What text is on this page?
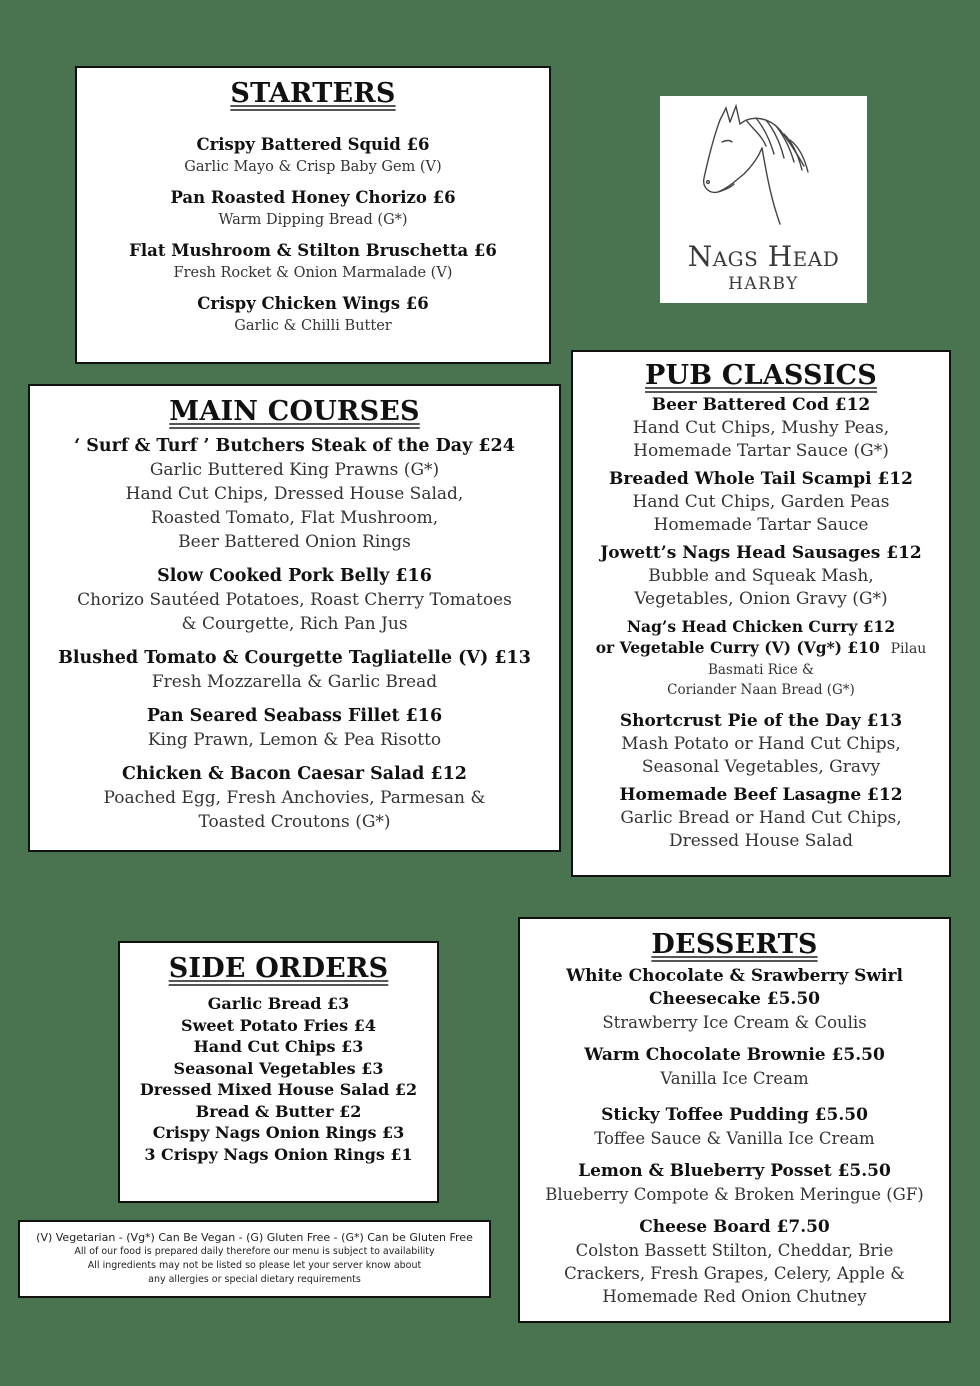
STARTERS
Crispy Battered Squid £6
Garlic Mayo & Crisp Baby Gem (V)
Pan Roasted Honey Chorizo £6
Warm Dipping Bread (G*)
Flat Mushroom & Stilton Bruschetta £6
Fresh Rocket & Onion Marmalade (V)
Crispy Chicken Wings £6
Garlic & Chilli Butter
Nags Head
HARBY
MAIN COURSES
‘ Surf & Turf ’ Butchers Steak of the Day £24
Garlic Buttered King Prawns (G*)
Hand Cut Chips, Dressed House Salad,
Roasted Tomato, Flat Mushroom,
Beer Battered Onion Rings
Slow Cooked Pork Belly £16
Chorizo Sautéed Potatoes, Roast Cherry Tomatoes
& Courgette, Rich Pan Jus
Blushed Tomato & Courgette Tagliatelle (V) £13
Fresh Mozzarella & Garlic Bread
Pan Seared Seabass Fillet £16
King Prawn, Lemon & Pea Risotto
Chicken & Bacon Caesar Salad £12
Poached Egg, Fresh Anchovies, Parmesan &
Toasted Croutons (G*)
PUB CLASSICS
Beer Battered Cod £12
Hand Cut Chips, Mushy Peas,
Homemade Tartar Sauce (G*)
Breaded Whole Tail Scampi £12
Hand Cut Chips, Garden Peas
Homemade Tartar Sauce
Jowett’s Nags Head Sausages £12
Bubble and Squeak Mash,
Vegetables, Onion Gravy (G*)
Nag’s Head Chicken Curry £12
or Vegetable Curry (V) (Vg*) £10 Pilau
Basmati Rice &
Coriander Naan Bread (G*)
Shortcrust Pie of the Day £13
Mash Potato or Hand Cut Chips,
Seasonal Vegetables, Gravy
Homemade Beef Lasagne £12
Garlic Bread or Hand Cut Chips,
Dressed House Salad
SIDE ORDERS
Garlic Bread £3
Sweet Potato Fries £4
Hand Cut Chips £3
Seasonal Vegetables £3
Dressed Mixed House Salad £2
Bread & Butter £2
Crispy Nags Onion Rings £3
3 Crispy Nags Onion Rings £1
(V) Vegetarian - (Vg*) Can Be Vegan - (G) Gluten Free - (G*) Can be Gluten Free
All of our food is prepared daily therefore our menu is subject to availability
All ingredients may not be listed so please let your server know about
any allergies or special dietary requirements
DESSERTS
White Chocolate & Srawberry Swirl
Cheesecake £5.50
Strawberry Ice Cream & Coulis
Warm Chocolate Brownie £5.50
Vanilla Ice Cream
Sticky Toffee Pudding £5.50
Toffee Sauce & Vanilla Ice Cream
Lemon & Blueberry Posset £5.50
Blueberry Compote & Broken Meringue (GF)
Cheese Board £7.50
Colston Bassett Stilton, Cheddar, Brie
Crackers, Fresh Grapes, Celery, Apple &
Homemade Red Onion Chutney
